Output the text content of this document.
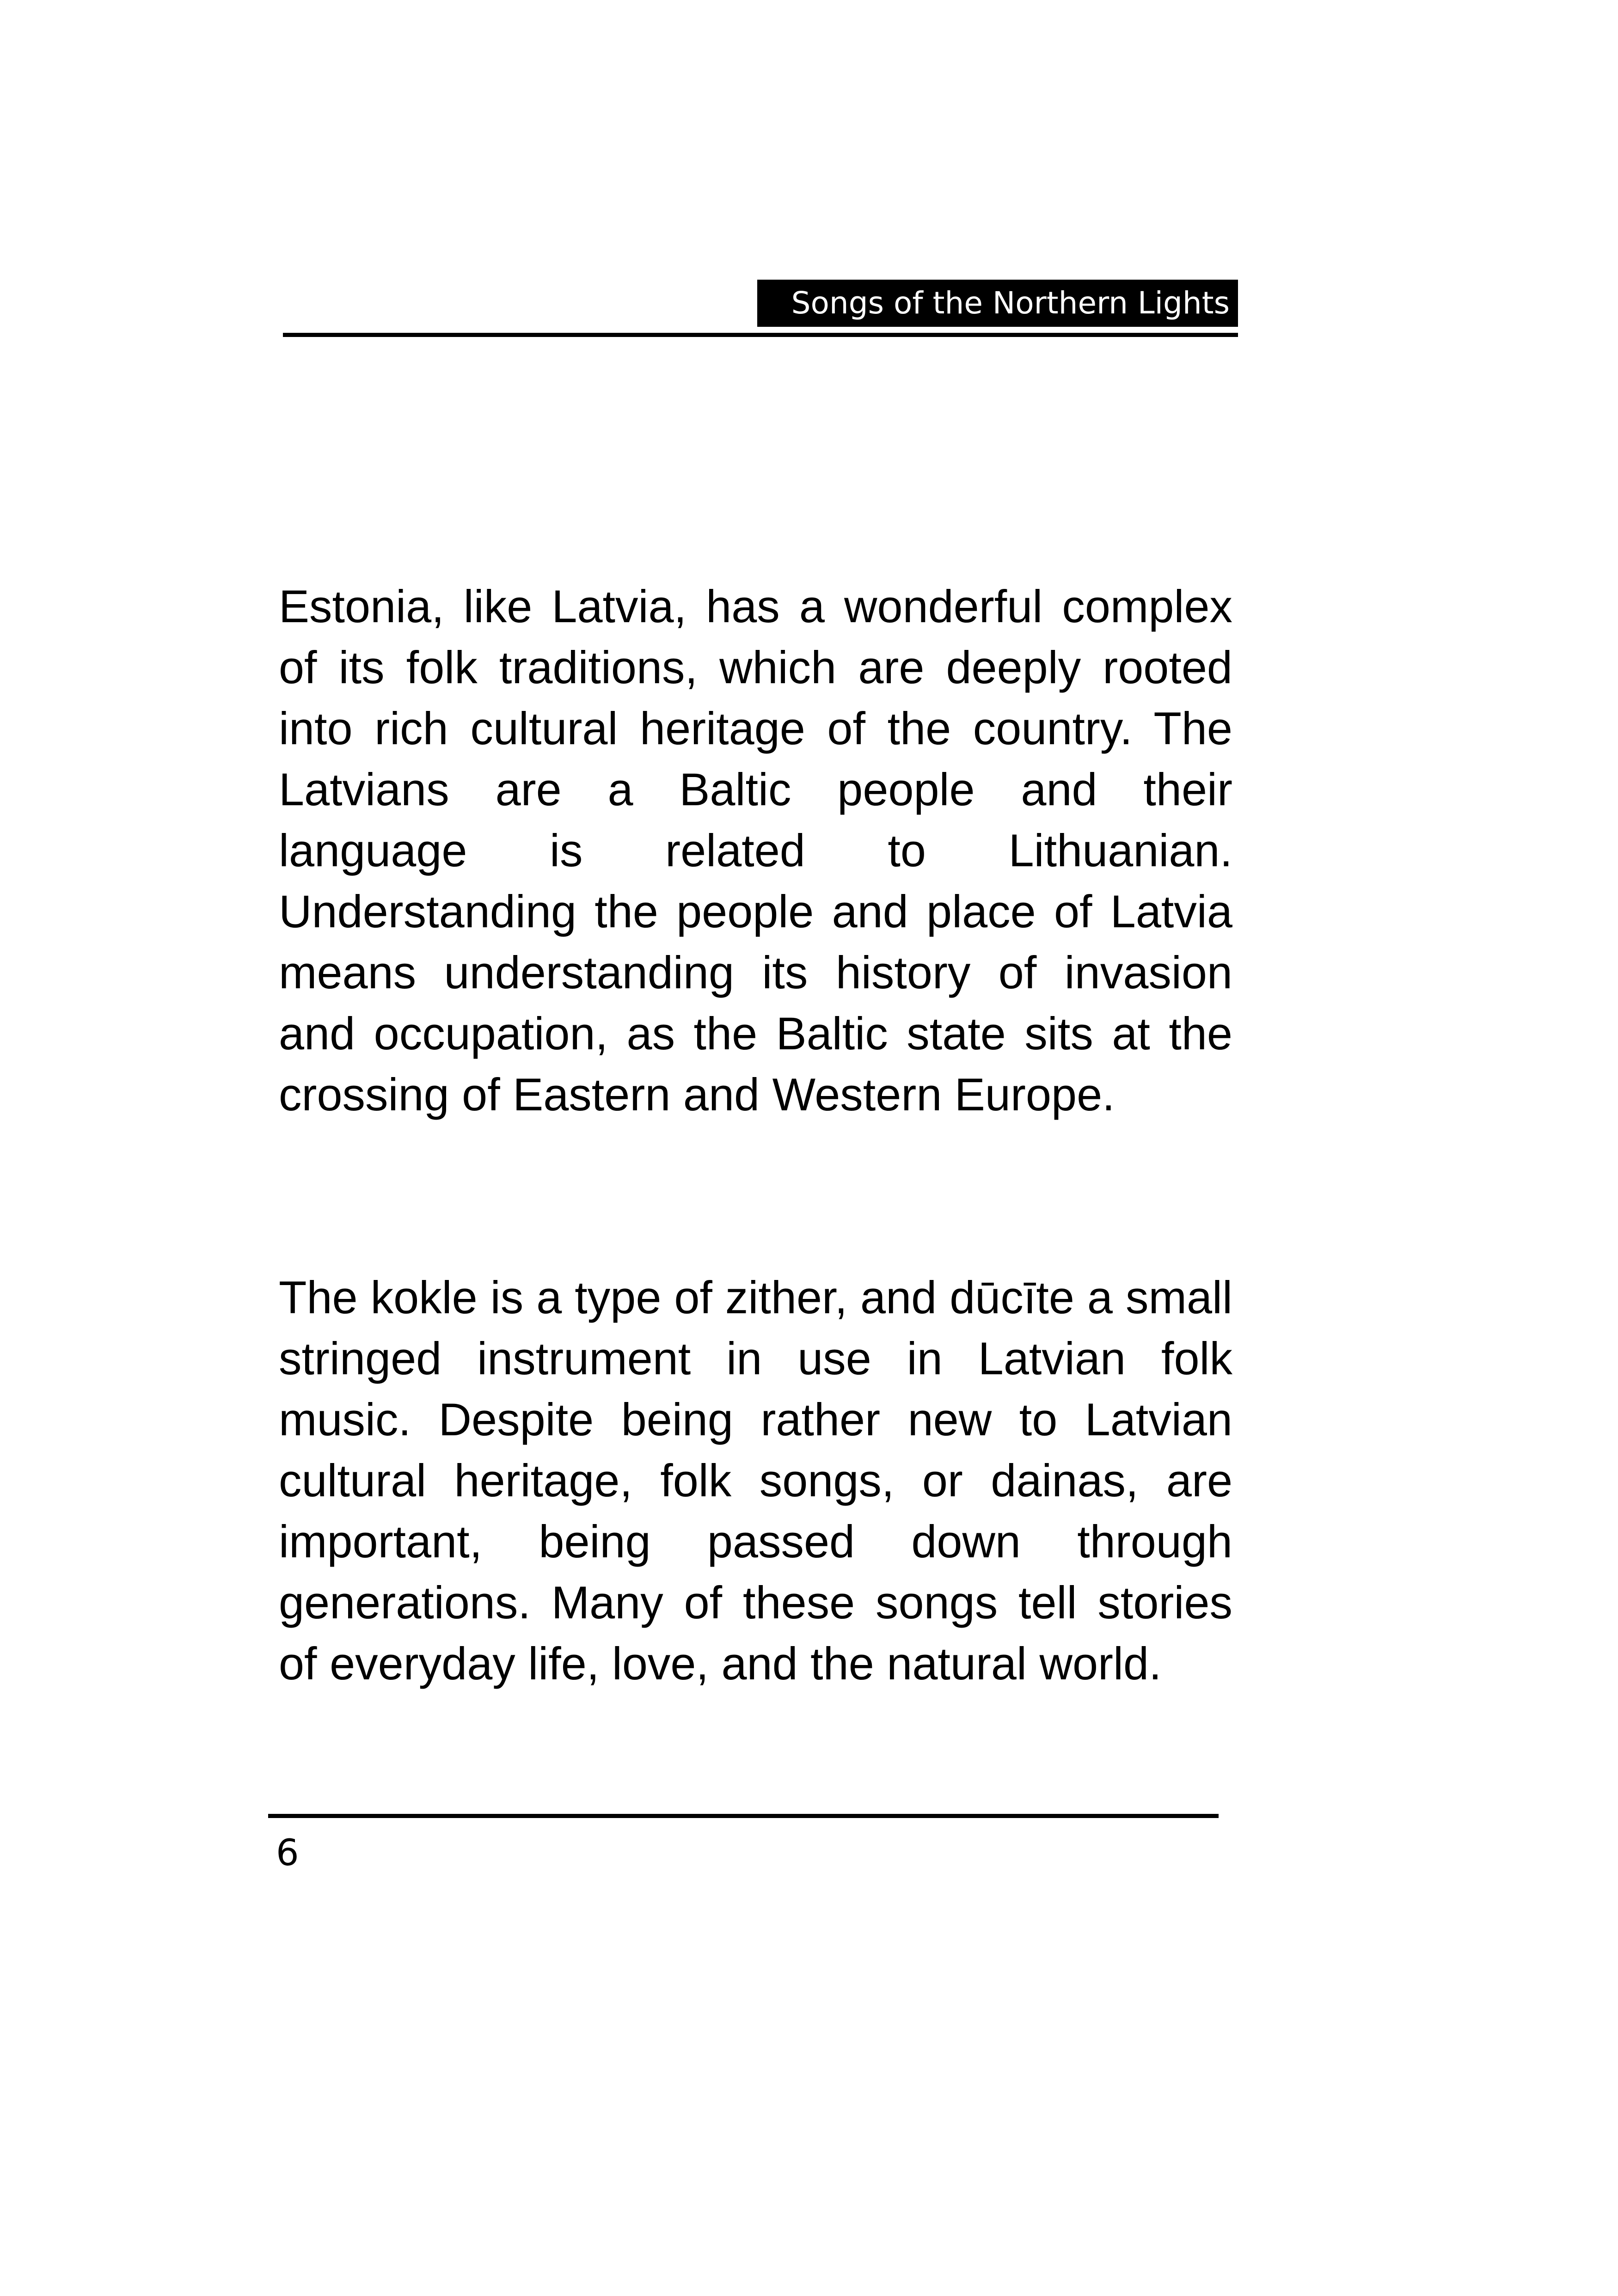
Songs of the Northern Lights

Estonia, like Latvia, has a wonderful complex of its folk traditions, which are deeply rooted into rich cultural heritage of the country. The Latvians are a Baltic people and their language is related to Lithuanian. Understanding the people and place of Latvia means understanding its history of invasion and occupation, as the Baltic state sits at the crossing of Eastern and Western Europe.

The kokle is a type of zither, and dūcīte a small stringed instrument in use in Latvian folk music. Despite being rather new to Latvian cultural heritage, folk songs, or dainas, are important, being passed down through generations. Many of these songs tell stories of everyday life, love, and the natural world.

6
